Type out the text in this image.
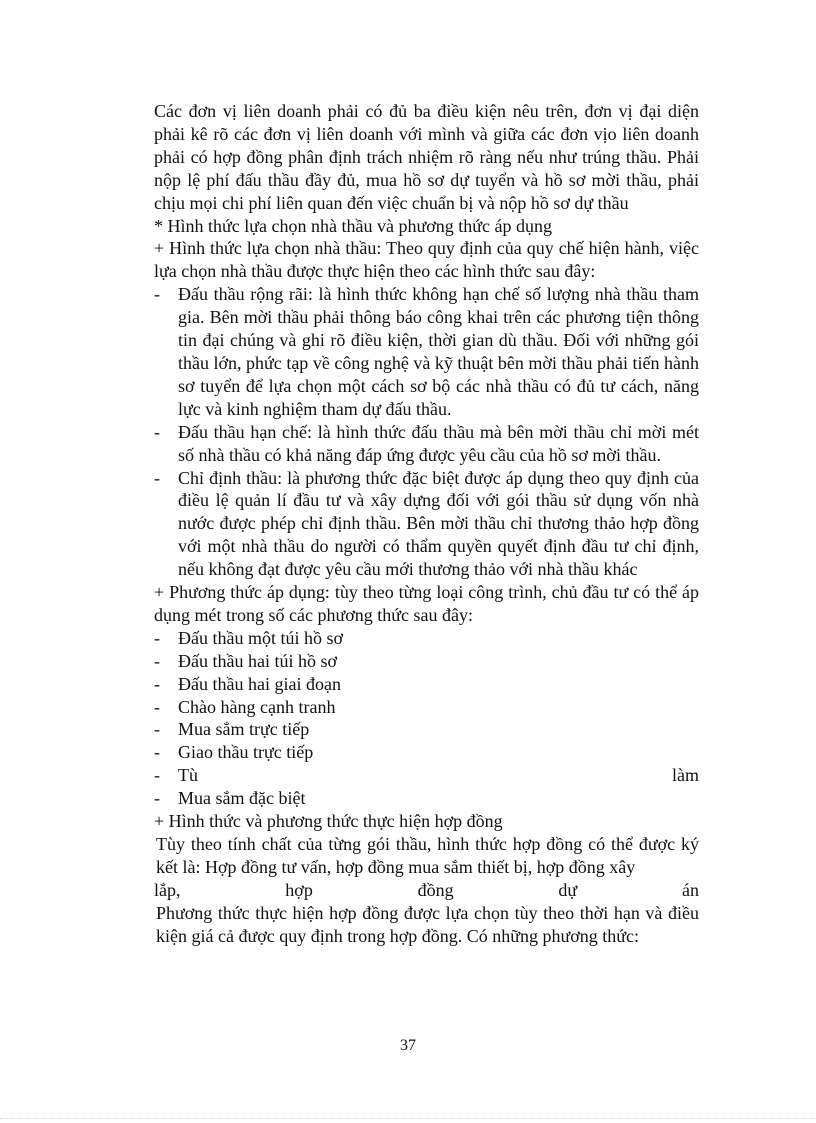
Các đơn vị liên doanh phải có đủ ba điều kiện nêu trên, đơn vị đại diện phải kê rõ các đơn vị liên doanh với mình và giữa các đơn vịo liên doanh phải có hợp đồng phân định trách nhiệm rõ ràng nếu như trúng thầu. Phải nộp lệ phí đấu thầu đầy đủ, mua hồ sơ dự tuyển và hồ sơ mời thầu, phải chịu mọi chi phí liên quan đến việc chuẩn bị và nộp hồ sơ dự thầu

* Hình thức lựa chọn nhà thầu và phương thức áp dụng

+ Hình thức lựa chọn nhà thầu: Theo quy định của quy chế hiện hành, việc lựa chọn nhà thầu được thực hiện theo các hình thức sau đây:

-	Đấu thầu rộng rãi: là hình thức không hạn chế số lượng nhà thầu tham gia. Bên mời thầu phải thông báo công khai trên các phương tiện thông tin đại chúng và ghi rõ điều kiện, thời gian dù thầu. Đối với những gói thầu lớn, phức tạp về công nghệ và kỹ thuật bên mời thầu phải tiến hành sơ tuyển để lựa chọn một cách sơ bộ các nhà thầu có đủ tư cách, năng lực và kinh nghiệm tham dự đấu thầu.
-	Đấu thầu hạn chế: là hình thức đấu thầu mà bên mời thầu chỉ mời mét số nhà thầu có khả năng đáp ứng được yêu cầu của hồ sơ mời thầu.
-	Chỉ định thầu: là phương thức đặc biệt được áp dụng theo quy định của điều lệ quản lí đầu tư và xây dựng đối với gói thầu sử dụng vốn nhà nước được phép chỉ định thầu. Bên mời thầu chỉ thương thảo hợp đồng với một nhà thầu do người có thẩm quyền quyết định đầu tư chỉ định, nếu không đạt được yêu cầu mới thương thảo với nhà thầu khác

+ Phương thức áp dụng: tùy theo từng loại công trình, chủ đầu tư có thể áp dụng mét trong số các phương thức sau đây:

-	Đấu thầu một túi hồ sơ
-	Đấu thầu hai túi hồ sơ
-	Đấu thầu hai giai đoạn
-	Chào hàng cạnh tranh
-	Mua sắm trực tiếp
-	Giao thầu trực tiếp
-	Tù	làm
-	Mua sắm đặc biệt

+ Hình thức và phương thức thực hiện hợp đồng

Tùy theo tính chất của từng gói thầu, hình thức hợp đồng có thể được ký kết là: Hợp đồng tư vấn, hợp đồng mua sắm thiết bị, hợp đồng xây

lắp,	hợp	đồng	dự	án

Phương thức thực hiện hợp đồng được lựa chọn tùy theo thời hạn và điều kiện giá cả được quy định trong hợp đồng. Có những phương thức:

37
